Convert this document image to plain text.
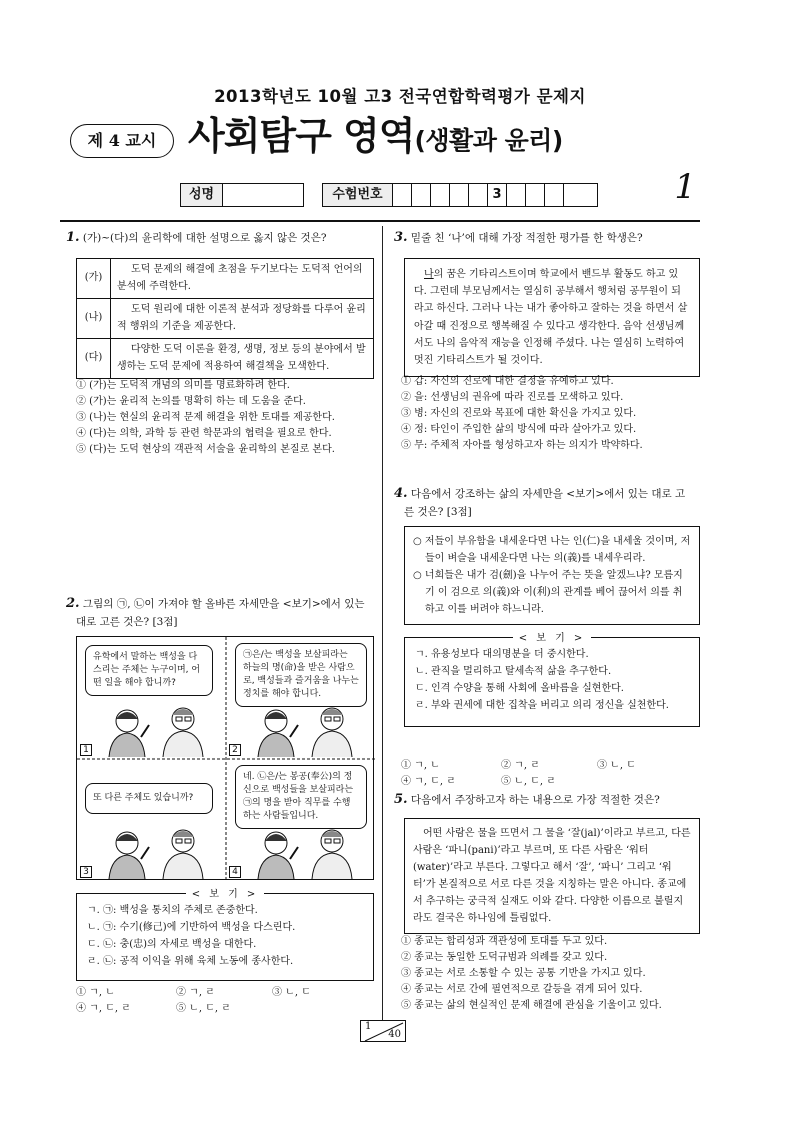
2013학년도 10월 고3 전국연합학력평가 문제지
제 4 교시 사회탐구 영역(생활과 윤리)
성명	수험번호	3	1
1. (가)~(다)의 윤리학에 대한 설명으로 옳지 않은 것은?
(가)	도덕 문제의 해결에 초점을 두기보다는 도덕적 언어의 분석에 주력한다.
(나)	도덕 원리에 대한 이론적 분석과 정당화를 다루어 윤리적 행위의 기준을 제공한다.
(다)	다양한 도덕 이론을 환경, 생명, 정보 등의 분야에서 발생하는 도덕 문제에 적용하여 해결책을 모색한다.
① (가)는 도덕적 개념의 의미를 명료화하려 한다.
② (가)는 윤리적 논의를 명확히 하는 데 도움을 준다.
③ (나)는 현실의 윤리적 문제 해결을 위한 토대를 제공한다.
④ (다)는 의학, 과학 등 관련 학문과의 협력을 필요로 한다.
⑤ (다)는 도덕 현상의 객관적 서술을 윤리학의 본질로 본다.
2. 그림의 ㉠, ㉡이 가져야 할 올바른 자세만을 <보기>에서 있는
대로 고른 것은? [3점]
유학에서 말하는 백성을 다스리는 주체는 누구이며, 어떤 일을 해야 합니까?
1
㉠은/는 백성을 보살피라는 하늘의 명(命)을 받은 사람으로, 백성들과 즐거움을 나누는 정치를 해야 합니다.
2
또 다른 주체도 있습니까?
3
네. ㉡은/는 봉공(奉公)의 정신으로 백성들을 보살피라는 ㉠의 명을 받아 직무를 수행하는 사람들입니다.
4
< 보 기 >
ㄱ. ㉠: 백성을 통치의 주체로 존중한다.
ㄴ. ㉠: 수기(修己)에 기반하여 백성을 다스린다.
ㄷ. ㉡: 충(忠)의 자세로 백성을 대한다.
ㄹ. ㉡: 공적 이익을 위해 육체 노동에 종사한다.
① ㄱ, ㄴ	② ㄱ, ㄹ	③ ㄴ, ㄷ
④ ㄱ, ㄷ, ㄹ	⑤ ㄴ, ㄷ, ㄹ
3. 밑줄 친 ‘나’에 대해 가장 적절한 평가를 한 학생은?
나의 꿈은 기타리스트이며 학교에서 밴드부 활동도 하고 있다. 그런데 부모님께서는 열심히 공부해서 행처럼 공무원이 되라고 하신다. 그러나 나는 내가 좋아하고 잘하는 것을 하면서 살아갈 때 진정으로 행복해질 수 있다고 생각한다. 음악 선생님께서도 나의 음악적 재능을 인정해 주셨다. 나는 열심히 노력하여 멋진 기타리스트가 될 것이다.
① 갑: 자신의 진로에 대한 결정을 유예하고 있다.
② 을: 선생님의 권유에 따라 진로를 모색하고 있다.
③ 병: 자신의 진로와 목표에 대한 확신을 가지고 있다.
④ 정: 타인이 주입한 삶의 방식에 따라 살아가고 있다.
⑤ 무: 주체적 자아를 형성하고자 하는 의지가 박약하다.
4. 다음에서 강조하는 삶의 자세만을 <보기>에서 있는 대로 고
른 것은? [3점]
○ 저들이 부유함을 내세운다면 나는 인(仁)을 내세울 것이며, 저들이 벼슬을 내세운다면 나는 의(義)를 내세우리라.
○ 너희들은 내가 검(劍)을 나누어 주는 뜻을 알겠느냐? 모름지기 이 검으로 의(義)와 이(利)의 관계를 베어 끊어서 의를 취하고 이를 버려야 하느니라.
< 보 기 >
ㄱ. 유용성보다 대의명분을 더 중시한다.
ㄴ. 관직을 멀리하고 탈세속적 삶을 추구한다.
ㄷ. 인격 수양을 통해 사회에 올바름을 실현한다.
ㄹ. 부와 권세에 대한 집착을 버리고 의리 정신을 실천한다.
① ㄱ, ㄴ	② ㄱ, ㄹ	③ ㄴ, ㄷ
④ ㄱ, ㄷ, ㄹ	⑤ ㄴ, ㄷ, ㄹ
5. 다음에서 주장하고자 하는 내용으로 가장 적절한 것은?
어떤 사람은 물을 뜨면서 그 물을 ‘잘(jal)’이라고 부르고, 다른 사람은 ‘파니(pani)’라고 부르며, 또 다른 사람은 ‘워터(water)’라고 부른다. 그렇다고 해서 ‘잘’, ‘파니’ 그리고 ‘워터’가 본질적으로 서로 다른 것을 지칭하는 말은 아니다. 종교에서 추구하는 궁극적 실재도 이와 같다. 다양한 이름으로 불릴지라도 결국은 하나임에 틀림없다.
① 종교는 합리성과 객관성에 토대를 두고 있다.
② 종교는 동일한 도덕규범과 의례를 갖고 있다.
③ 종교는 서로 소통할 수 있는 공통 기반을 가지고 있다.
④ 종교는 서로 간에 필연적으로 갈등을 겪게 되어 있다.
⑤ 종교는 삶의 현실적인 문제 해결에 관심을 기울이고 있다.
1
40
